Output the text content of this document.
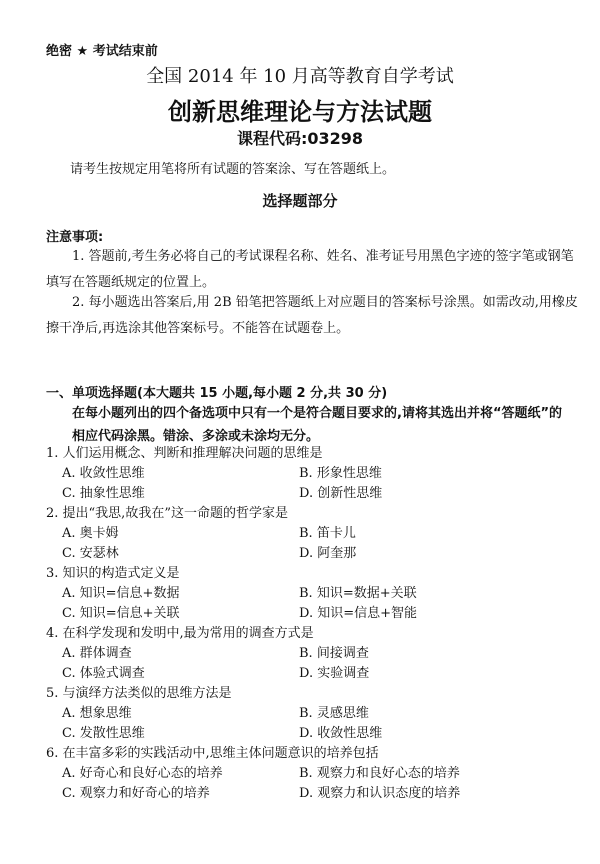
绝密 ★ 考试结束前
全国 2014 年 10 月高等教育自学考试
创新思维理论与方法试题
课程代码:03298
请考生按规定用笔将所有试题的答案涂、写在答题纸上。
选择题部分
注意事项:
1. 答题前,考生务必将自己的考试课程名称、姓名、准考证号用黑色字迹的签字笔或钢笔填写在答题纸规定的位置上。
2. 每小题选出答案后,用 2B 铅笔把答题纸上对应题目的答案标号涂黑。如需改动,用橡皮擦干净后,再选涂其他答案标号。不能答在试题卷上。
一、单项选择题(本大题共 15 小题,每小题 2 分,共 30 分)
在每小题列出的四个备选项中只有一个是符合题目要求的,请将其选出并将“答题纸”的相应代码涂黑。错涂、多涂或未涂均无分。
1. 人们运用概念、判断和推理解决问题的思维是
A. 收敛性思维	B. 形象性思维
C. 抽象性思维	D. 创新性思维
2. 提出“我思,故我在”这一命题的哲学家是
A. 奥卡姆	B. 笛卡儿
C. 安瑟林	D. 阿奎那
3. 知识的构造式定义是
A. 知识=信息+数据	B. 知识=数据+关联
C. 知识=信息+关联	D. 知识=信息+智能
4. 在科学发现和发明中,最为常用的调查方式是
A. 群体调查	B. 间接调查
C. 体验式调查	D. 实验调查
5. 与演绎方法类似的思维方法是
A. 想象思维	B. 灵感思维
C. 发散性思维	D. 收敛性思维
6. 在丰富多彩的实践活动中,思维主体问题意识的培养包括
A. 好奇心和良好心态的培养	B. 观察力和良好心态的培养
C. 观察力和好奇心的培养	D. 观察力和认识态度的培养
